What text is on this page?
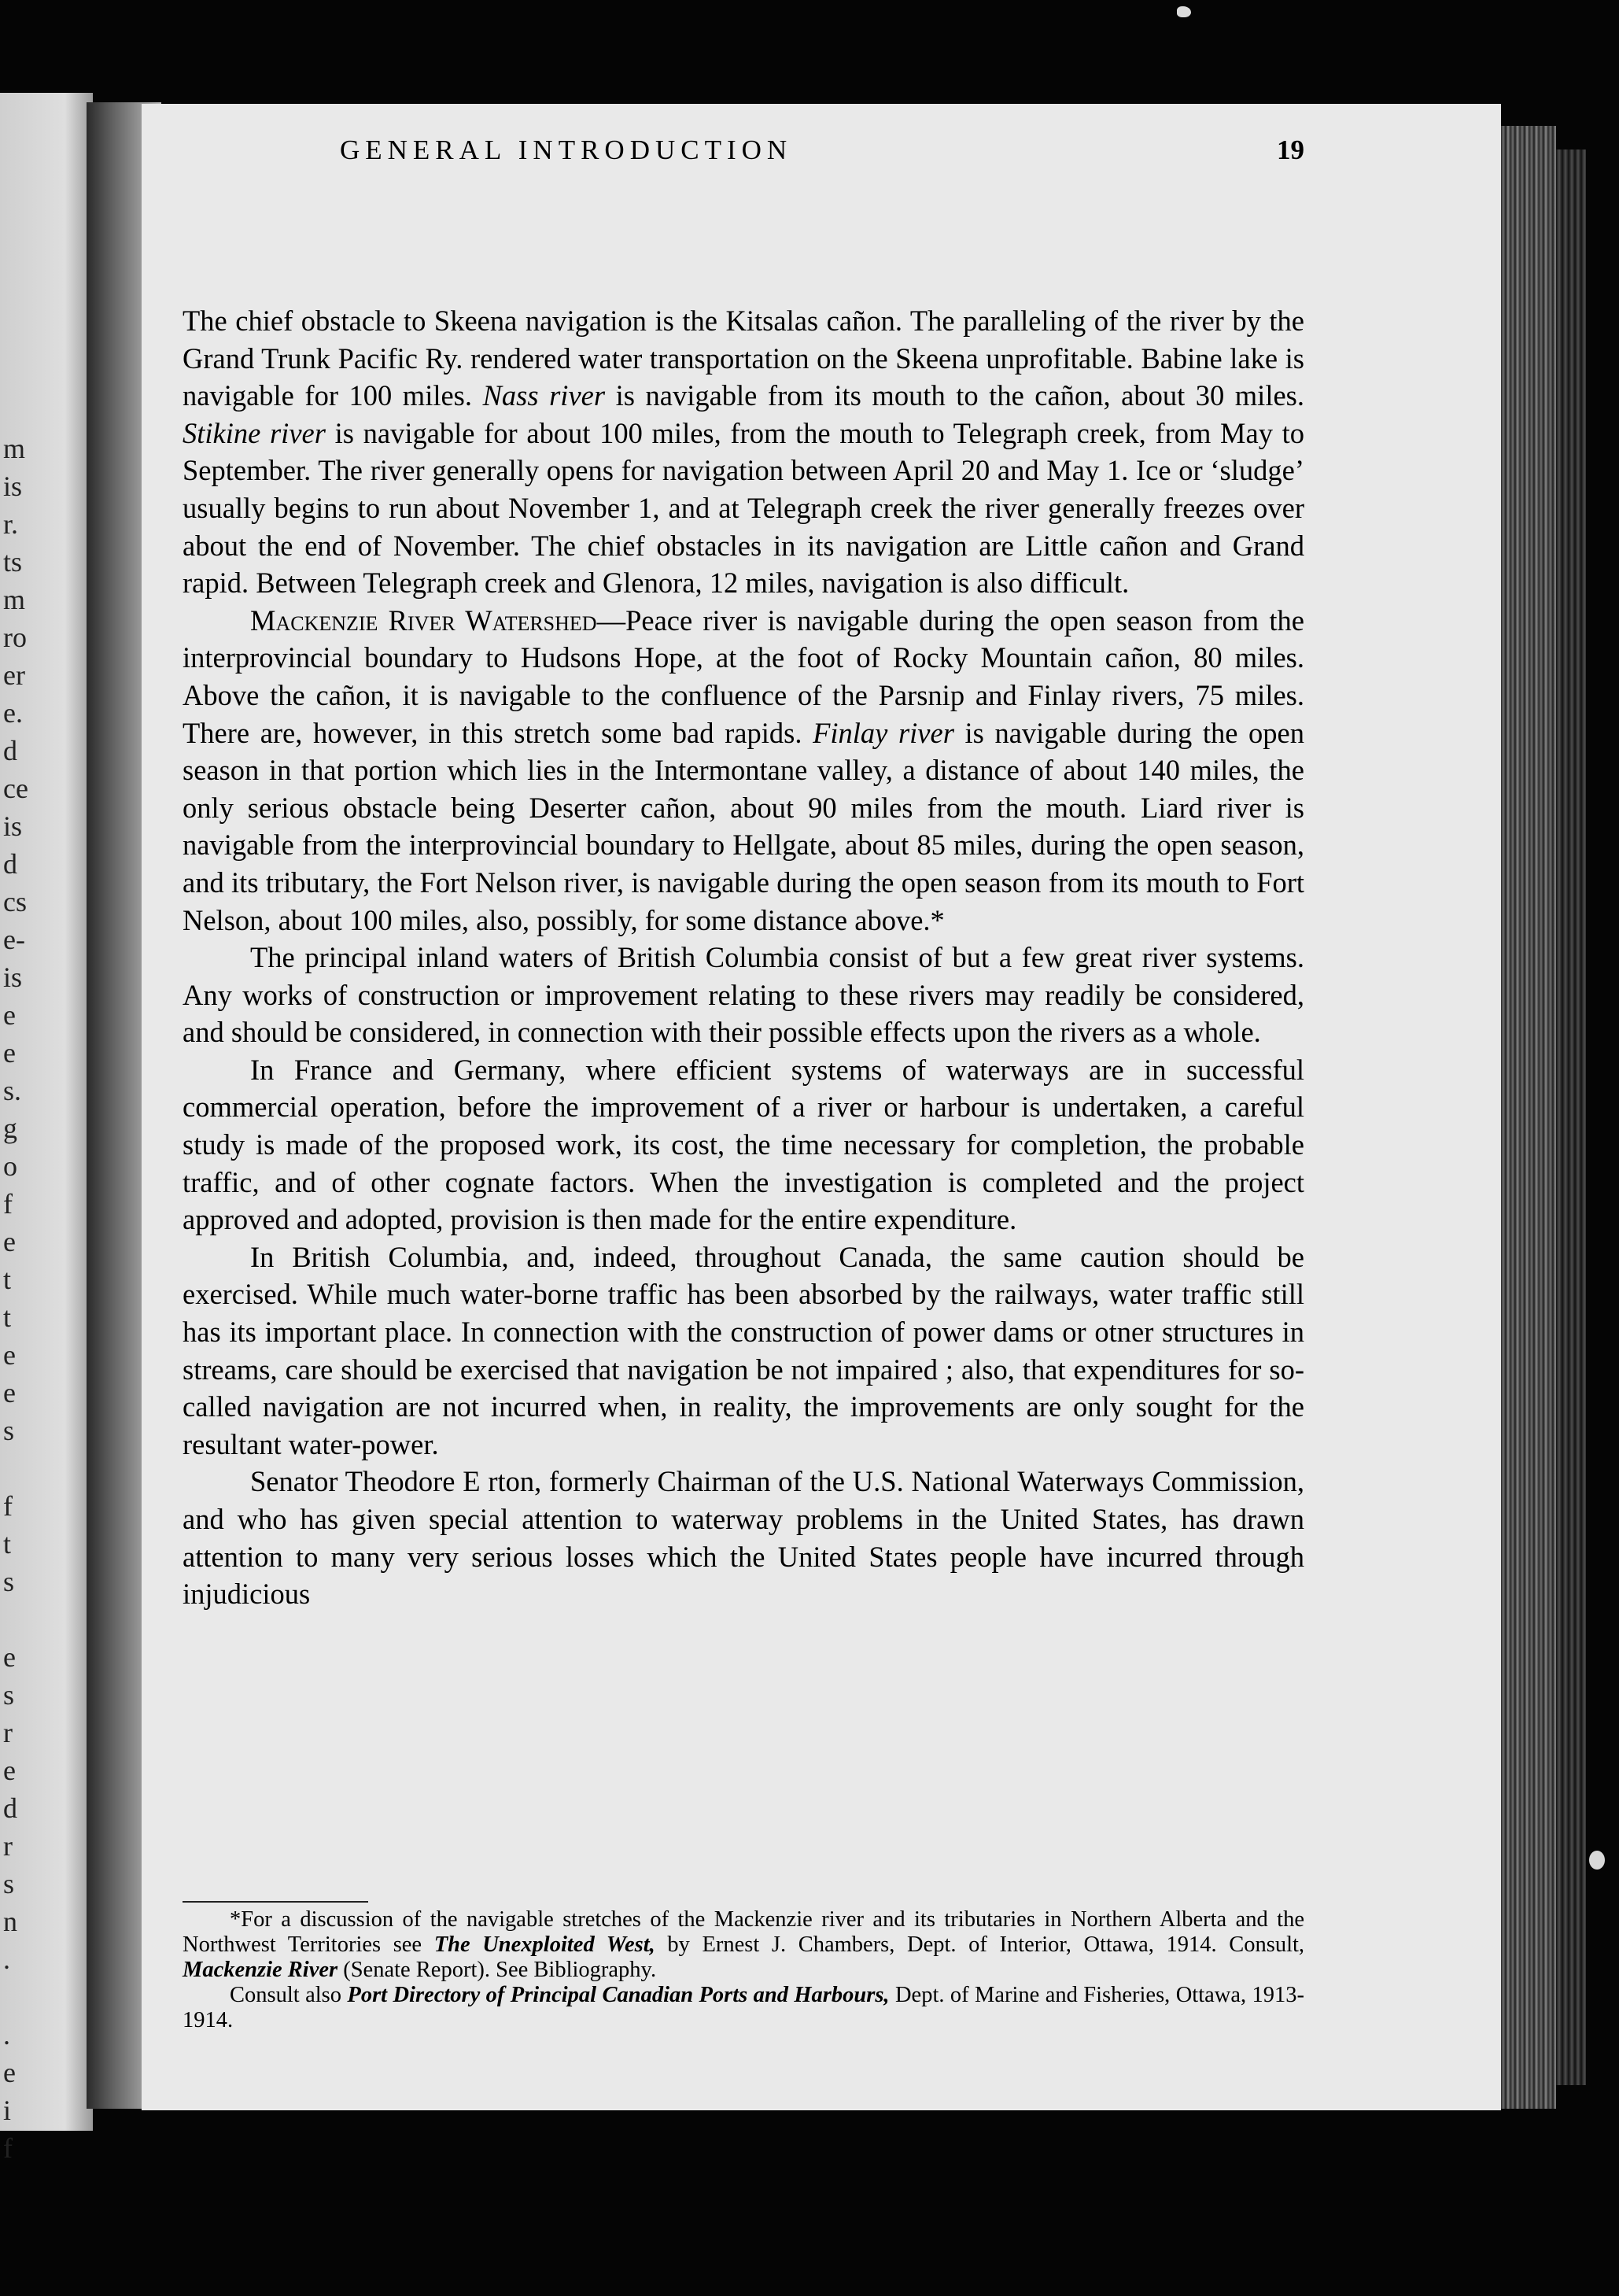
m
is
r.
ts
m
ro
er
e.
d
ce
is
d
cs
e-
is
e
e
s.
g
o
f
e
t
t
e
e
s
f
t
s
e
s
r
e
d
r
s
n
.
.
e
i
f
GENERAL INTRODUCTION	19

The chief obstacle to Skeena navigation is the Kitsalas cañon. The paralleling of the river by the Grand Trunk Pacific Ry. rendered water transportation on the Skeena unprofitable. Babine lake is navigable for 100 miles. Nass river is navigable from its mouth to the cañon, about 30 miles. Stikine river is navigable for about 100 miles, from the mouth to Telegraph creek, from May to September. The river generally opens for navigation between April 20 and May 1. Ice or ‘sludge’ usually begins to run about November 1, and at Telegraph creek the river generally freezes over about the end of November. The chief obstacles in its navigation are Little cañon and Grand rapid. Between Telegraph creek and Glenora, 12 miles, navigation is also difficult.

Mackenzie River Watershed—Peace river is navigable during the open season from the interprovincial boundary to Hudsons Hope, at the foot of Rocky Mountain cañon, 80 miles. Above the cañon, it is navigable to the confluence of the Parsnip and Finlay rivers, 75 miles. There are, however, in this stretch some bad rapids. Finlay river is navigable during the open season in that portion which lies in the Intermontane valley, a distance of about 140 miles, the only serious obstacle being Deserter cañon, about 90 miles from the mouth. Liard river is navigable from the interprovincial boundary to Hellgate, about 85 miles, during the open season, and its tributary, the Fort Nelson river, is navigable during the open season from its mouth to Fort Nelson, about 100 miles, also, possibly, for some distance above.*

The principal inland waters of British Columbia consist of but a few great river systems. Any works of construction or improvement relating to these rivers may readily be considered, and should be considered, in connection with their possible effects upon the rivers as a whole.

In France and Germany, where efficient systems of waterways are in successful commercial operation, before the improvement of a river or harbour is undertaken, a careful study is made of the proposed work, its cost, the time necessary for completion, the probable traffic, and of other cognate factors. When the investigation is completed and the project approved and adopted, provision is then made for the entire expenditure.

In British Columbia, and, indeed, throughout Canada, the same caution should be exercised. While much water-borne traffic has been absorbed by the railways, water traffic still has its important place. In connection with the construction of power dams or otner structures in streams, care should be exercised that navigation be not impaired ; also, that expenditures for so-called navigation are not incurred when, in reality, the improvements are only sought for the resultant water-power.

Senator Theodore E rton, formerly Chairman of the U.S. National Waterways Commission, and who has given special attention to waterway problems in the United States, has drawn attention to many very serious losses which the United States people have incurred through injudicious

*For a discussion of the navigable stretches of the Mackenzie river and its tributaries in Northern Alberta and the Northwest Territories see The Unexploited West, by Ernest J. Chambers, Dept. of Interior, Ottawa, 1914. Consult, Mackenzie River (Senate Report). See Bibliography.

Consult also Port Directory of Principal Canadian Ports and Harbours, Dept. of Marine and Fisheries, Ottawa, 1913-1914.
